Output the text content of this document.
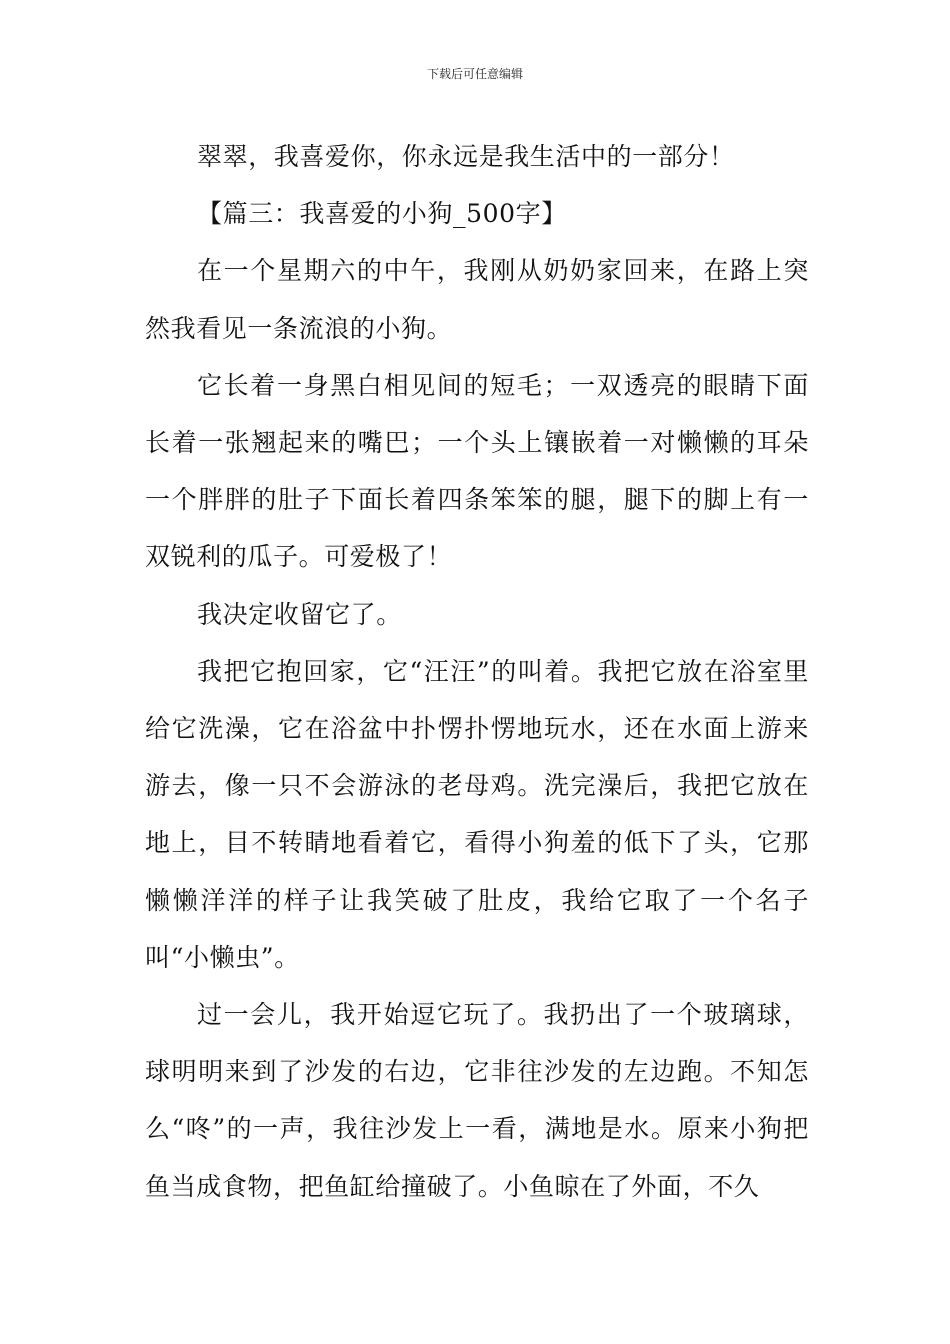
下载后可任意编辑

翠翠，我喜爱你，你永远是我生活中的一部分！

【篇三：我喜爱的小狗_500字】

在一个星期六的中午，我刚从奶奶家回来，在路上突然我看见一条流浪的小狗。

它长着一身黑白相见间的短毛；一双透亮的眼睛下面长着一张翘起来的嘴巴；一个头上镶嵌着一对懒懒的耳朵一个胖胖的肚子下面长着四条笨笨的腿，腿下的脚上有一双锐利的瓜子。可爱极了！

我决定收留它了。

我把它抱回家，它“汪汪”的叫着。我把它放在浴室里给它洗澡，它在浴盆中扑愣扑愣地玩水，还在水面上游来游去，像一只不会游泳的老母鸡。洗完澡后，我把它放在地上，目不转睛地看着它，看得小狗羞的低下了头，它那懒懒洋洋的样子让我笑破了肚皮，我给它取了一个名子叫“小懒虫”。

过一会儿，我开始逗它玩了。我扔出了一个玻璃球，球明明来到了沙发的右边，它非往沙发的左边跑。不知怎么“咚”的一声，我往沙发上一看，满地是水。原来小狗把鱼当成食物，把鱼缸给撞破了。小鱼晾在了外面，不久
